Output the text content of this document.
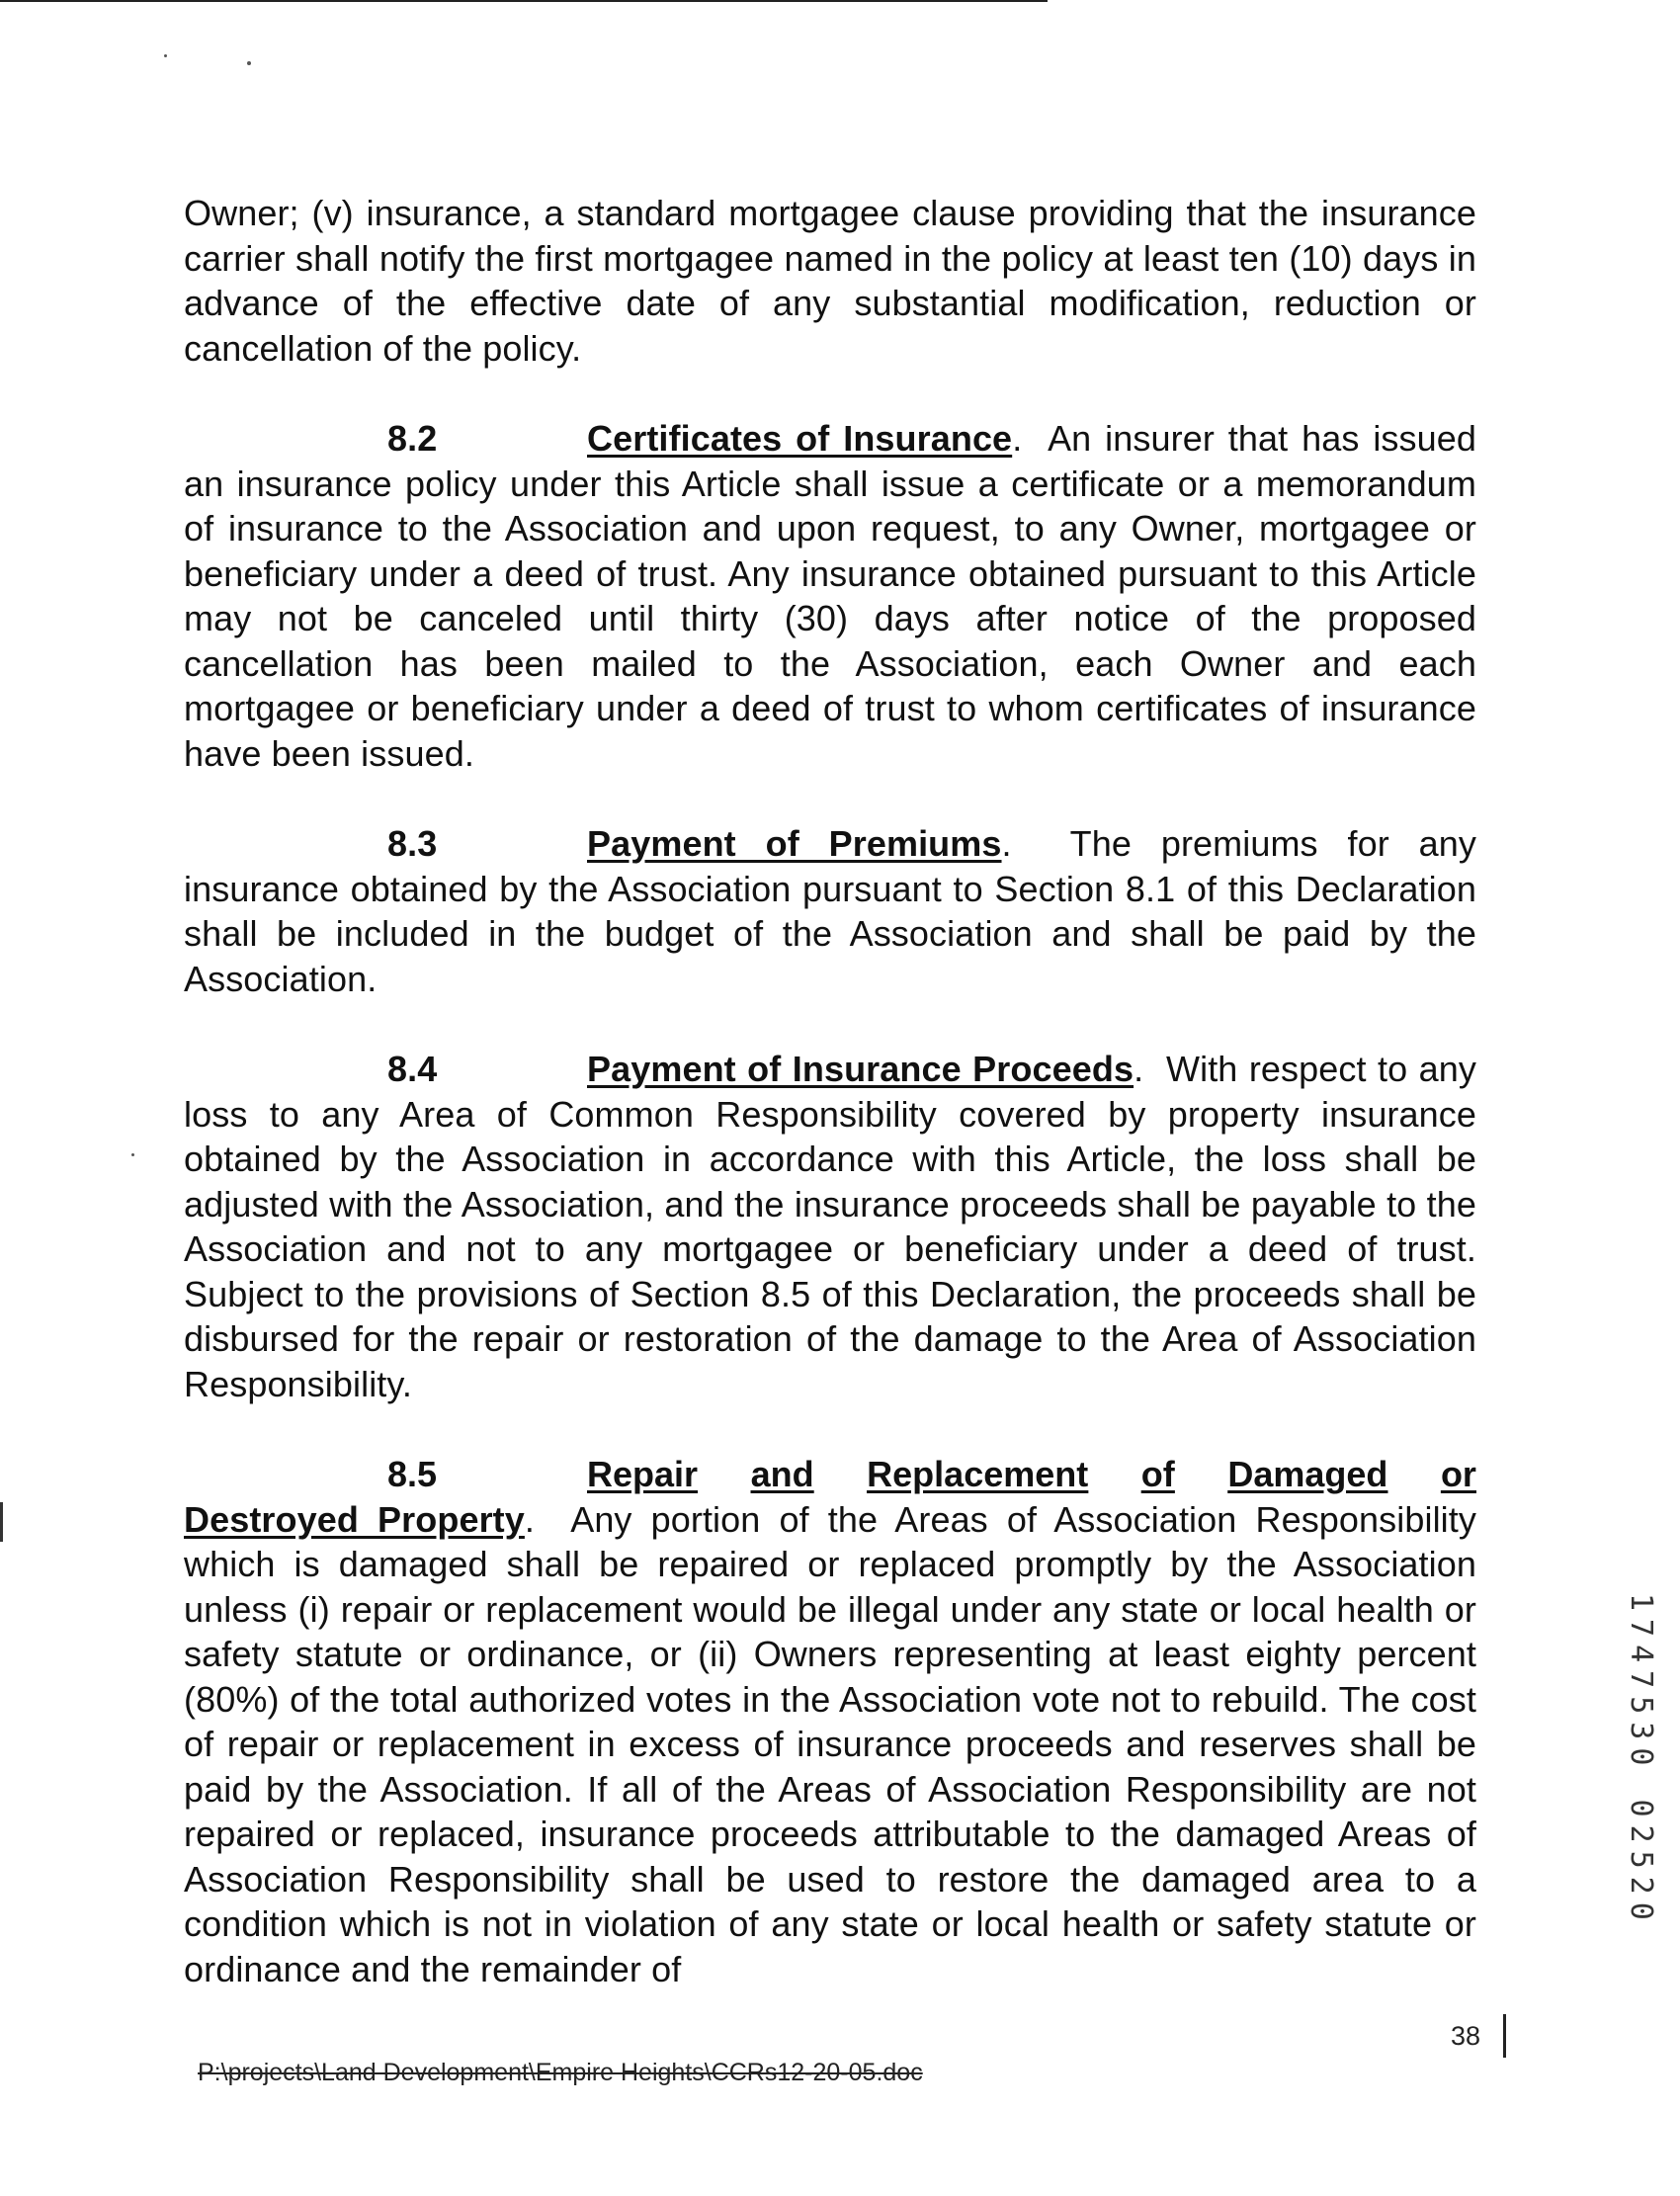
Owner; (v) insurance, a standard mortgagee clause providing that the insurance carrier shall notify the first mortgagee named in the policy at least ten (10) days in advance of the effective date of any substantial modification, reduction or cancellation of the policy.

8.2	Certificates of Insurance.  An insurer that has issued an insurance policy under this Article shall issue a certificate or a memorandum of insurance to the Association and upon request, to any Owner, mortgagee or beneficiary under a deed of trust. Any insurance obtained pursuant to this Article may not be canceled until thirty (30) days after notice of the proposed cancellation has been mailed to the Association, each Owner and each mortgagee or beneficiary under a deed of trust to whom certificates of insurance have been issued.

8.3	Payment of Premiums.  The premiums for any insurance obtained by the Association pursuant to Section 8.1 of this Declaration shall be included in the budget of the Association and shall be paid by the Association.

8.4	Payment of Insurance Proceeds.  With respect to any loss to any Area of Common Responsibility covered by property insurance obtained by the Association in accordance with this Article, the loss shall be adjusted with the Association, and the insurance proceeds shall be payable to the Association and not to any mortgagee or beneficiary under a deed of trust. Subject to the provisions of Section 8.5 of this Declaration, the proceeds shall be disbursed for the repair or restoration of the damage to the Area of Association Responsibility.

8.5	Repair and Replacement of Damaged or

Destroyed Property.  Any portion of the Areas of Association Responsibility which is damaged shall be repaired or replaced promptly by the Association unless (i) repair or replacement would be illegal under any state or local health or safety statute or ordinance, or (ii) Owners representing at least eighty percent (80%) of the total authorized votes in the Association vote not to rebuild. The cost of repair or replacement in excess of insurance proceeds and reserves shall be paid by the Association. If all of the Areas of Association Responsibility are not repaired or replaced, insurance proceeds attributable to the damaged Areas of Association Responsibility shall be used to restore the damaged area to a condition which is not in violation of any state or local health or safety statute or ordinance and the remainder of

1747530 02520
P:\projects\Land Development\Empire Heights\CCRs12-20-05.doc
38
